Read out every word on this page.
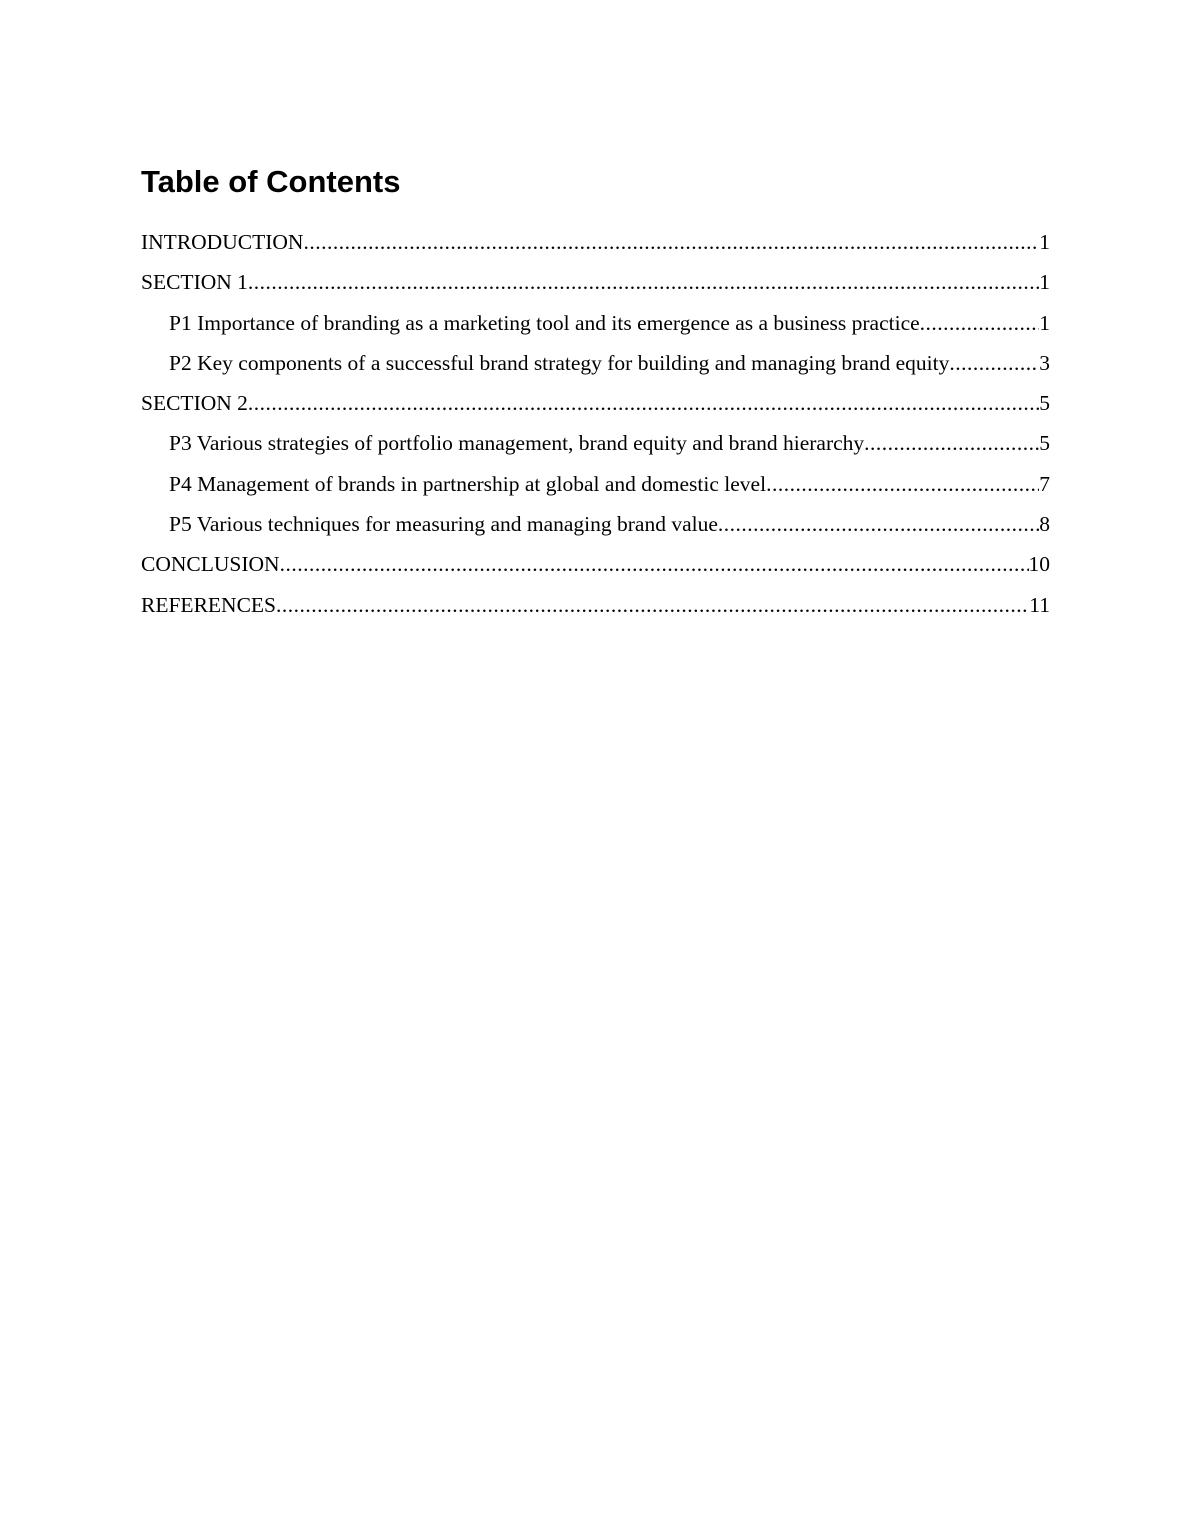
Table of Contents
INTRODUCTION .....	1
SECTION 1 .....	1
P1 Importance of branding as a marketing tool and its emergence as a business practice .....	1
P2 Key components of a successful brand strategy for building and managing brand equity .....	3
SECTION 2 .....	5
P3 Various strategies of portfolio management, brand equity and brand hierarchy .....	5
P4 Management of brands in partnership at global and domestic level .....	7
P5 Various techniques for measuring and managing brand value .....	8
CONCLUSION .....	10
REFERENCES .....	11
